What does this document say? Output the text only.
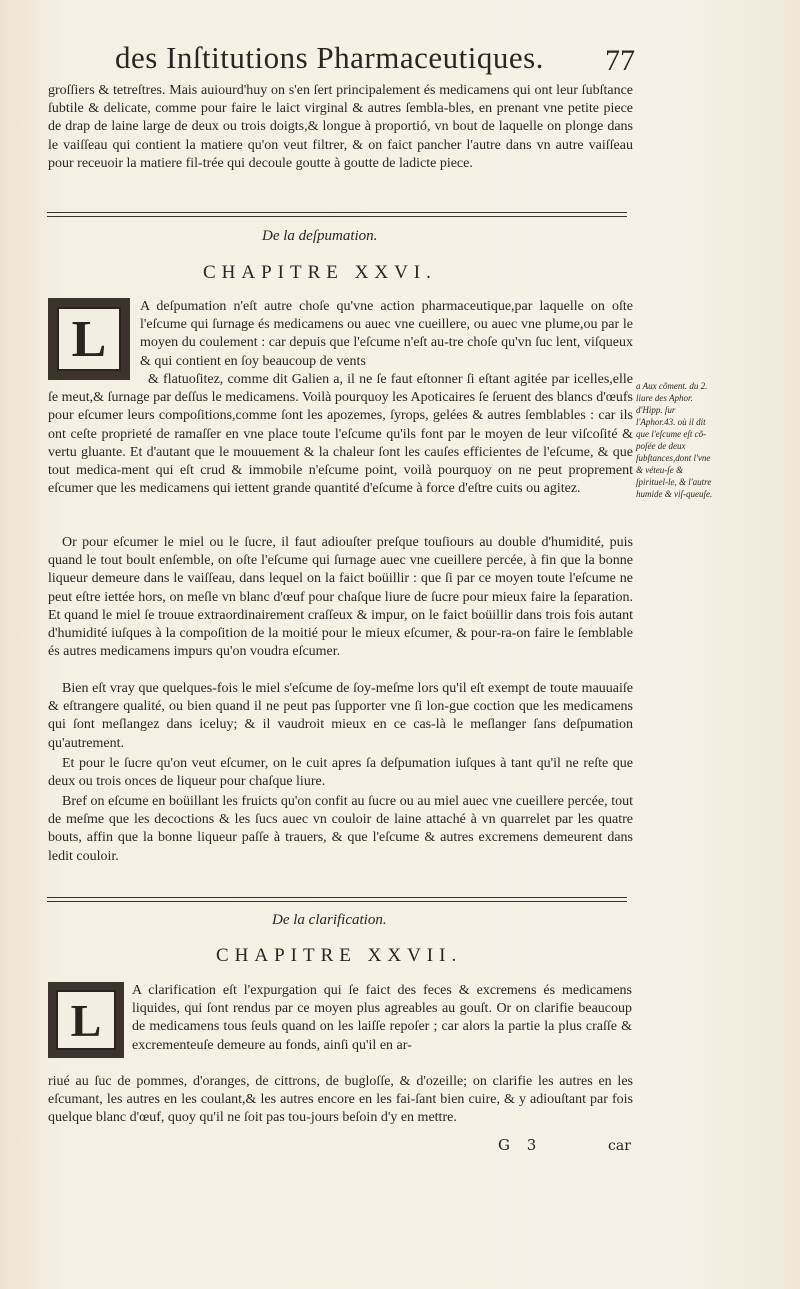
des Inſtitutions Pharmaceutiques. 77

groſſiers & tetreſtres. Mais auiourd'huy on s'en ſert principalement és medicamens qui ont leur ſubſtance ſubtile & delicate, comme pour faire le laict virginal & autres ſembla-bles, en prenant vne petite piece de drap de laine large de deux ou trois doigts,& longue à proportió, vn bout de laquelle on plonge dans le vaiſſeau qui contient la matiere qu'on veut filtrer, & on faict pancher l'autre dans vn autre vaiſſeau pour receuoir la matiere fil-trée qui decoule goutte à goutte de ladicte piece.

De la deſpumation.
CHAPITRE XXVI.
L

A deſpumation n'eſt autre choſe qu'vne action pharmaceutique,par laquelle on oſte l'eſcume qui ſurnage és medicamens ou auec vne cueillere, ou auec vne plume,ou par le moyen du coulement : car depuis que l'eſcume n'eſt au-tre choſe qu'vn ſuc lent, viſqueux & qui contient en ſoy beaucoup de vents

& flatuoſitez, comme dit Galien a, il ne ſe faut eſtonner ſi eſtant agitée par icelles,elle ſe meut,& ſurnage par deſſus le medicamens. Voilà pourquoy les Apoticaires ſe ſeruent des blancs d'œufs pour eſcumer leurs compoſitions,comme ſont les apozemes, ſyrops, gelées & autres ſemblables : car ils ont ceſte proprieté de ramaſſer en vne place toute l'eſcume qu'ils font par le moyen de leur viſcoſité & vertu gluante. Et d'autant que le mouuement & la chaleur ſont les cauſes efficientes de l'eſcume, & que tout medica-ment qui eſt crud & immobile n'eſcume point, voilà pourquoy on ne peut proprement eſcumer que les medicamens qui iettent grande quantité d'eſcume à force d'eſtre cuits ou agitez.

a Aux cõment. du 2. liure des Aphor. d'Hipp. ſur l'Aphor.43. où il dit que l'eſcume eſt cõ-poſée de deux ſubſtances,dont l'vne & véteu-ſe & ſpirituel-le, & l'autre humide & viſ-queuſe.

Or pour eſcumer le miel ou le ſucre, il faut adiouſter preſque touſiours au double d'humidité, puis quand le tout boult enſemble, on oſte l'eſcume qui ſurnage auec vne cueillere percée, à fin que la bonne liqueur demeure dans le vaiſſeau, dans lequel on la faict boüillir : que ſi par ce moyen toute l'eſcume ne peut eſtre iettée hors, on meſle vn blanc d'œuf pour chaſque liure de ſucre pour mieux faire la ſeparation. Et quand le miel ſe trouue extraordinairement craſſeux & impur, on le faict boüillir dans trois fois autant d'humidité iuſques à la compoſition de la moitié pour le mieux eſcumer, & pour-ra-on faire le ſemblable és autres medicamens impurs qu'on voudra eſcumer.

Bien eſt vray que quelques-fois le miel s'eſcume de ſoy-meſme lors qu'il eſt exempt de toute mauuaiſe & eſtrangere qualité, ou bien quand il ne peut pas ſupporter vne ſi lon-gue coction que les medicamens qui ſont meſlangez dans iceluy; & il vaudroit mieux en ce cas-là le meſlanger ſans deſpumation qu'autrement.

Et pour le ſucre qu'on veut eſcumer, on le cuit apres ſa deſpumation iuſques à tant qu'il ne reſte que deux ou trois onces de liqueur pour chaſque liure.

Bref on eſcume en boüillant les fruicts qu'on confit au ſucre ou au miel auec vne cueillere percée, tout de meſme que les decoctions & les ſucs auec vn couloir de laine attaché à vn quarrelet par les quatre bouts, affin que la bonne liqueur paſſe à trauers, & que l'eſcume & autres excremens demeurent dans ledit couloir.

De la clarification.
CHAPITRE XXVII.
L

A clarification eſt l'expurgation qui ſe faict des feces & excremens és medicamens liquides, qui ſont rendus par ce moyen plus agreables au gouſt. Or on clarifie beaucoup de medicamens tous ſeuls quand on les laiſſe repoſer ; car alors la partie la plus craſſe & excrementeuſe demeure au fonds, ainſi qu'il en ar-

riué au ſuc de pommes, d'oranges, de cittrons, de bugloſſe, & d'ozeille; on clarifie les autres en les eſcumant, les autres en les coulant,& les autres encore en les fai-ſant bien cuire, & y adiouſtant par fois quelque blanc d'œuf, quoy qu'il ne ſoit pas tou-jours beſoin d'y en mettre.

G 3	car
